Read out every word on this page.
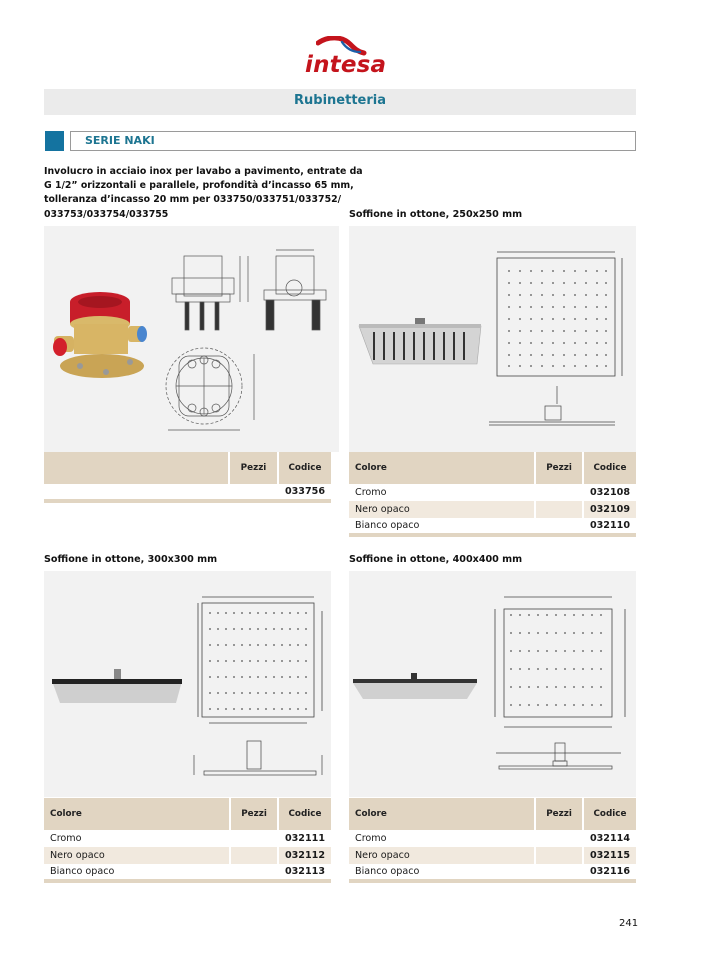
intesa
Rubinetteria
SERIE NAKI
Involucro in acciaio inox per lavabo a pavimento, entrate da
G 1/2” orizzontali e parallele, profondità d’incasso 65 mm,
tolleranza d’incasso 20 mm per 033750/033751/033752/
033753/033754/033755	Soffione in ottone, 250x250 mm
	Pezzi	Codice
		033756
Colore	Pezzi	Codice
Cromo		032108
Nero opaco		032109
Bianco opaco		032110
Soffione in ottone, 300x300 mm	Soffione in ottone, 400x400 mm
Colore	Pezzi	Codice
Cromo		032111
Nero opaco		032112
Bianco opaco		032113
Colore	Pezzi	Codice
Cromo		032114
Nero opaco		032115
Bianco opaco		032116
241
